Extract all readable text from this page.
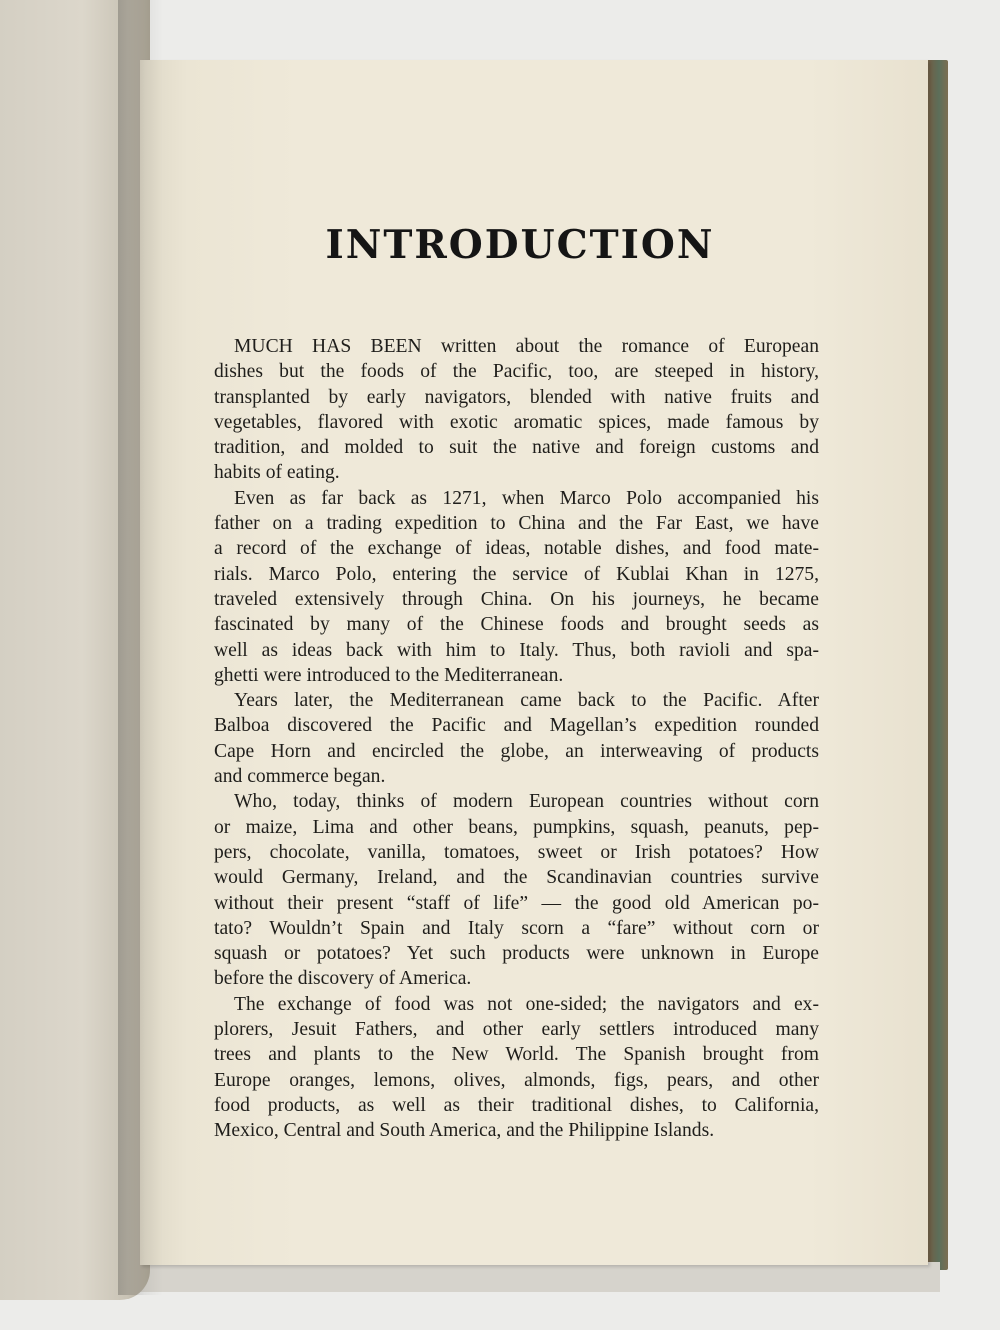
INTRODUCTION
MUCH HAS BEEN written about the romance of European
dishes but the foods of the Pacific, too, are steeped in history,
transplanted by early navigators, blended with native fruits and
vegetables, flavored with exotic aromatic spices, made famous by
tradition, and molded to suit the native and foreign customs and
habits of eating.
Even as far back as 1271, when Marco Polo accompanied his
father on a trading expedition to China and the Far East, we have
a record of the exchange of ideas, notable dishes, and food mate-
rials. Marco Polo, entering the service of Kublai Khan in 1275,
traveled extensively through China. On his journeys, he became
fascinated by many of the Chinese foods and brought seeds as
well as ideas back with him to Italy. Thus, both ravioli and spa-
ghetti were introduced to the Mediterranean.
Years later, the Mediterranean came back to the Pacific. After
Balboa discovered the Pacific and Magellan’s expedition rounded
Cape Horn and encircled the globe, an interweaving of products
and commerce began.
Who, today, thinks of modern European countries without corn
or maize, Lima and other beans, pumpkins, squash, peanuts, pep-
pers, chocolate, vanilla, tomatoes, sweet or Irish potatoes? How
would Germany, Ireland, and the Scandinavian countries survive
without their present “staff of life” — the good old American po-
tato? Wouldn’t Spain and Italy scorn a “fare” without corn or
squash or potatoes? Yet such products were unknown in Europe
before the discovery of America.
The exchange of food was not one-sided; the navigators and ex-
plorers, Jesuit Fathers, and other early settlers introduced many
trees and plants to the New World. The Spanish brought from
Europe oranges, lemons, olives, almonds, figs, pears, and other
food products, as well as their traditional dishes, to California,
Mexico, Central and South America, and the Philippine Islands.
